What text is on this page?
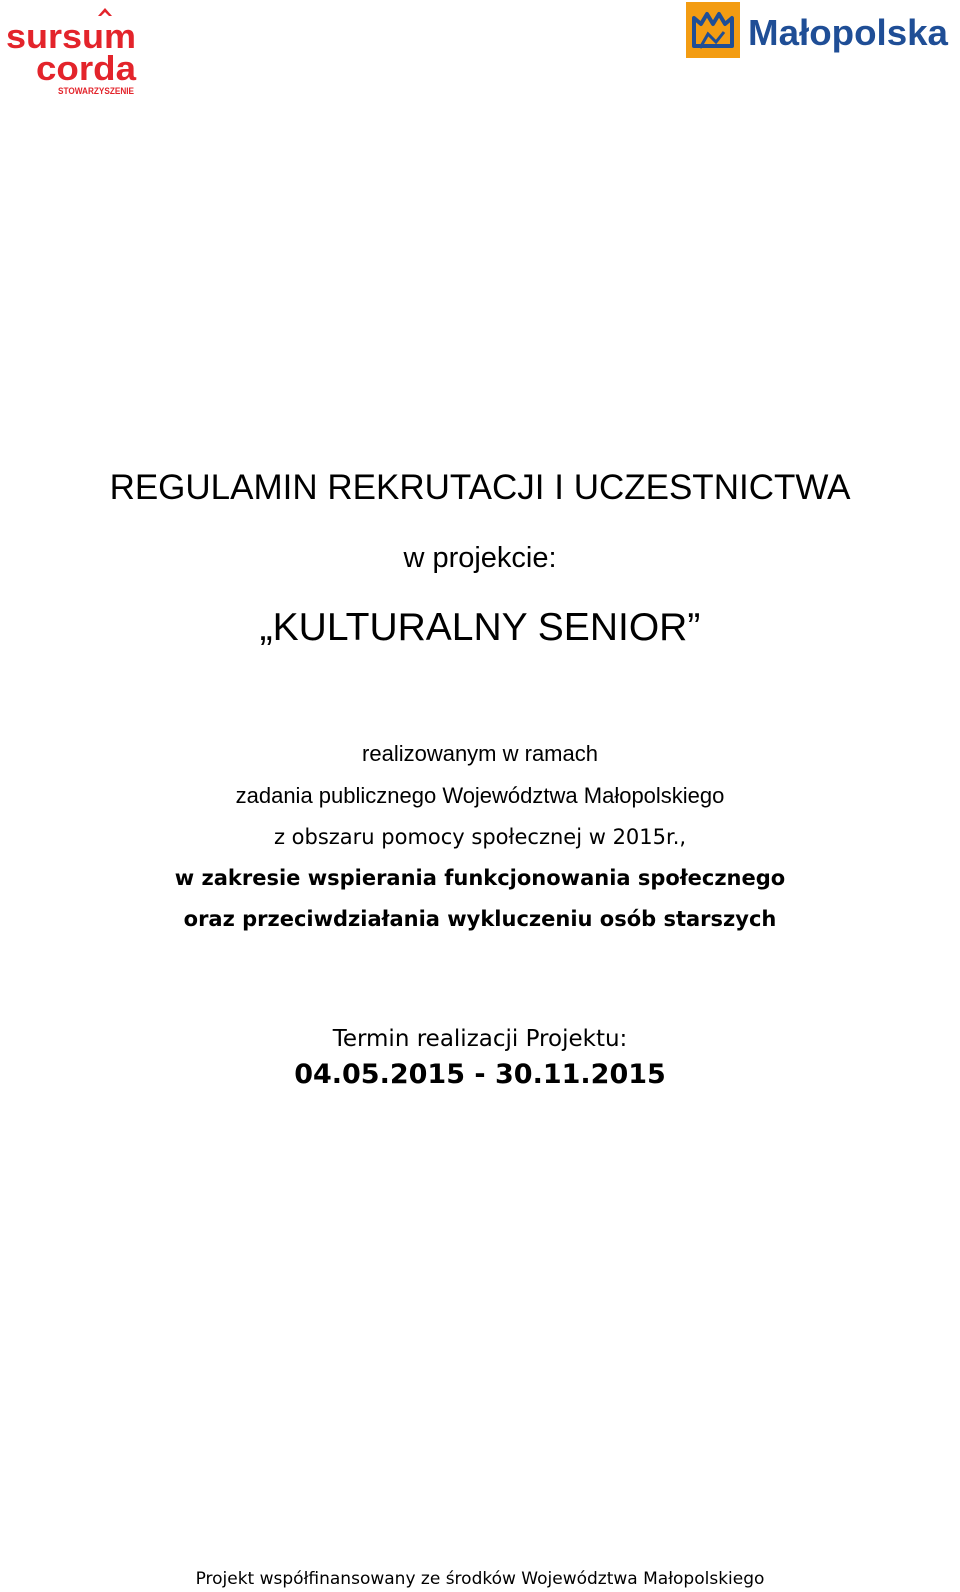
sursum
corda
STOWARZYSZENIE
Małopolska
REGULAMIN REKRUTACJI I UCZESTNICTWA
w projekcie:
„KULTURALNY SENIOR”
realizowanym w ramach
zadania publicznego Województwa Małopolskiego
z obszaru pomocy społecznej w 2015r.,
w zakresie wspierania funkcjonowania społecznego
oraz przeciwdziałania wykluczeniu osób starszych
Termin realizacji Projektu:
04.05.2015 - 30.11.2015
Projekt współfinansowany ze środków Województwa Małopolskiego
